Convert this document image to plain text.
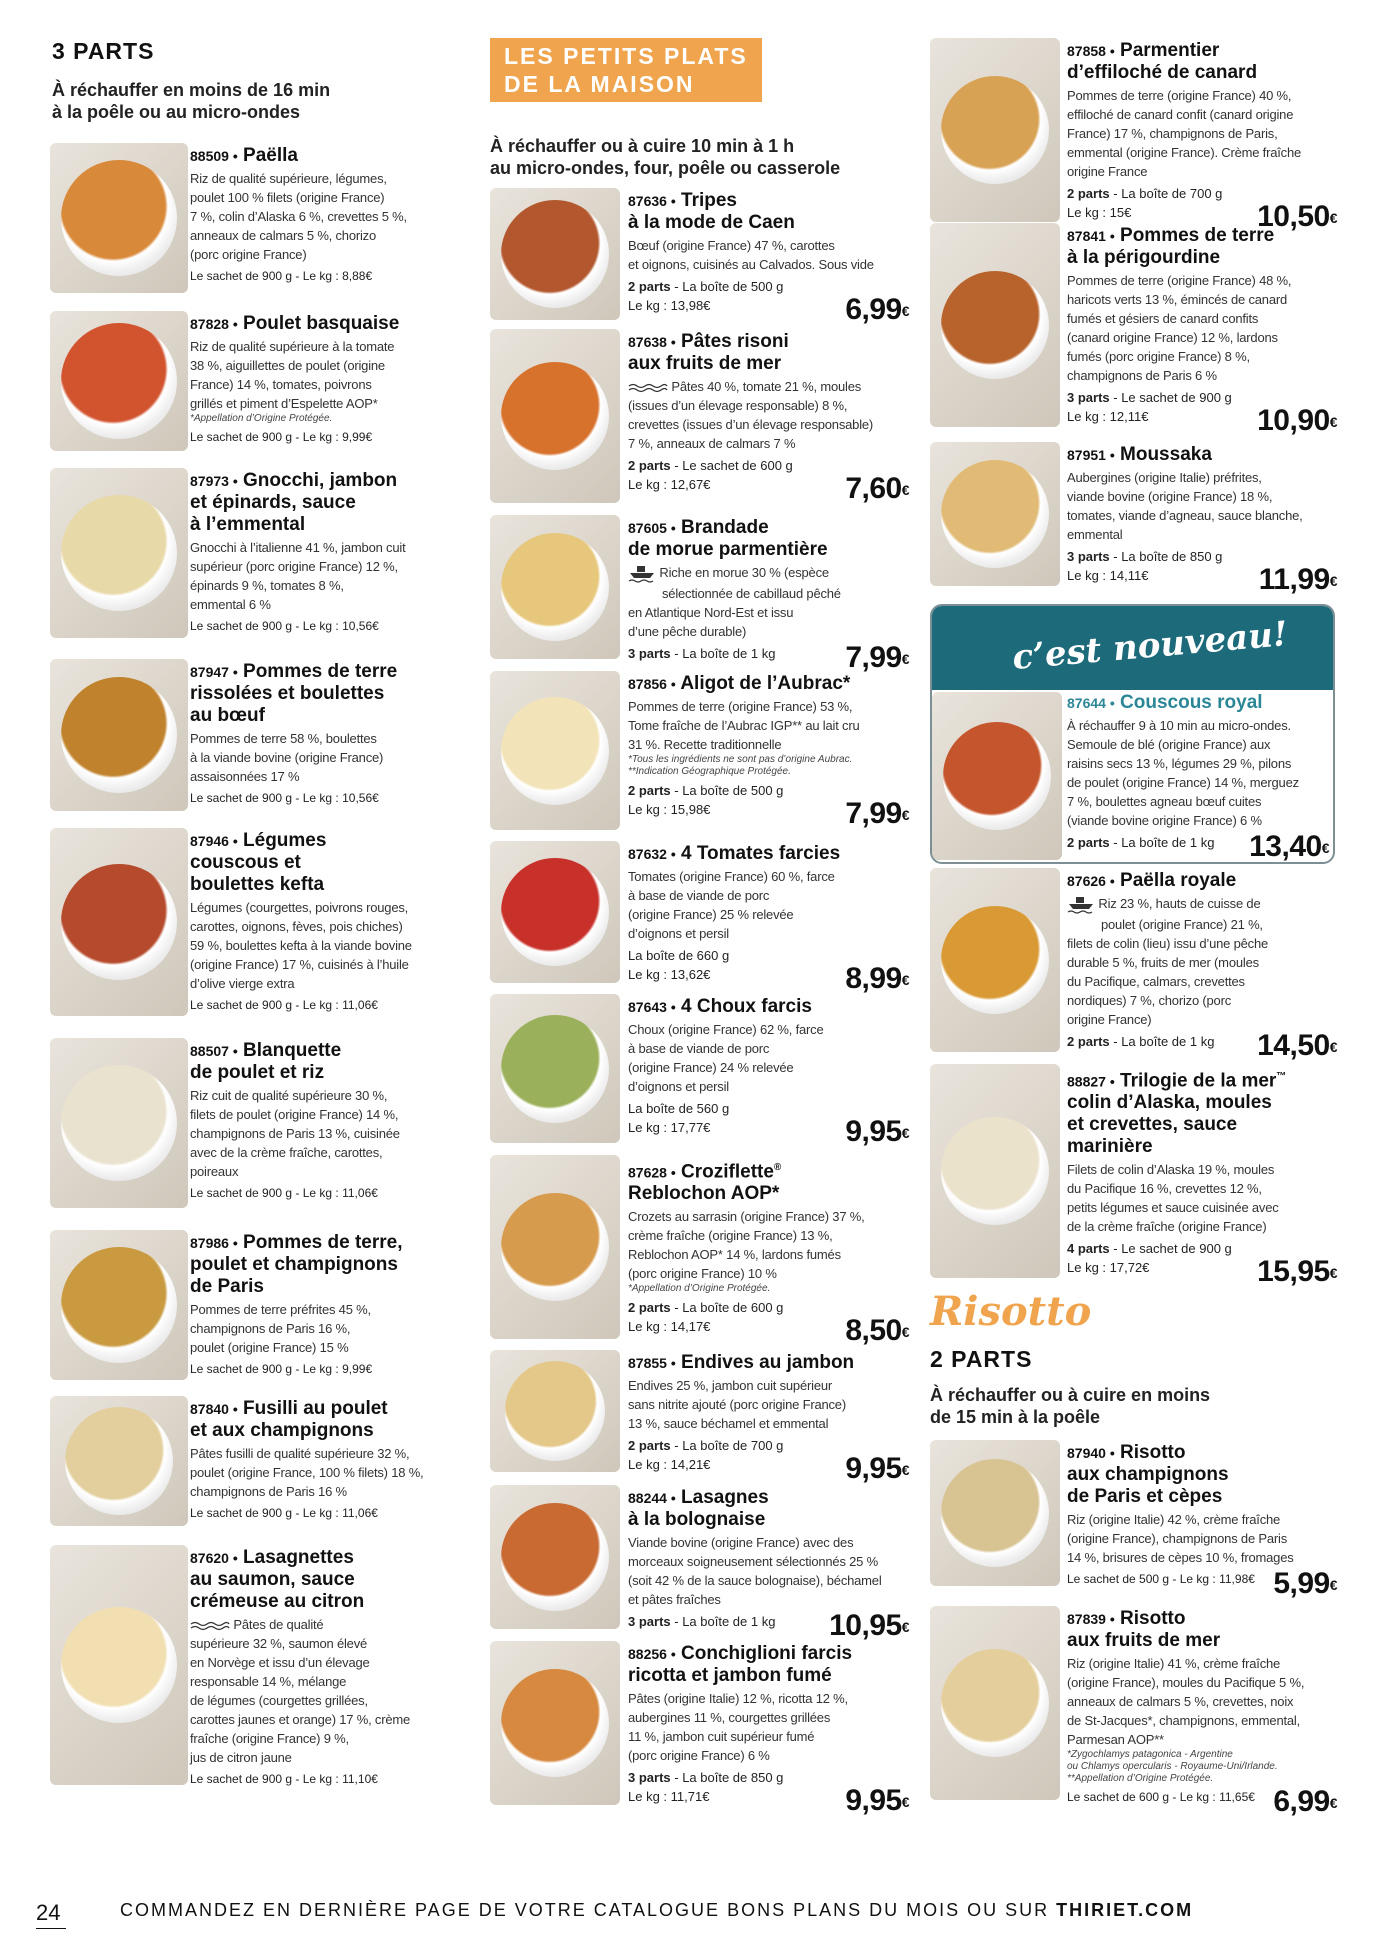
3 PARTS
À réchauffer en moins de 16 min
à la poêle ou au micro-ondes
88509 • Paëlla
Riz de qualité supérieure, légumes,
poulet 100 % filets (origine France)
7 %, colin d’Alaska 6 %, crevettes 5 %,
anneaux de calmars 5 %, chorizo
(porc origine France)
Le sachet de 900 g - Le kg : 8,88€
87828 • Poulet basquaise
Riz de qualité supérieure à la tomate
38 %, aiguillettes de poulet (origine
France) 14 %, tomates, poivrons
grillés et piment d’Espelette AOP*
*Appellation d’Origine Protégée.
Le sachet de 900 g - Le kg : 9,99€
87973 • Gnocchi, jambon
et épinards, sauce
à l’emmental
Gnocchi à l’italienne 41 %, jambon cuit
supérieur (porc origine France) 12 %,
épinards 9 %, tomates 8 %,
emmental 6 %
Le sachet de 900 g - Le kg : 10,56€
87947 • Pommes de terre
rissolées et boulettes
au bœuf
Pommes de terre 58 %, boulettes
à la viande bovine (origine France)
assaisonnées 17 %
Le sachet de 900 g - Le kg : 10,56€
87946 • Légumes
couscous et
boulettes kefta
Légumes (courgettes, poivrons rouges,
carottes, oignons, fèves, pois chiches)
59 %, boulettes kefta à la viande bovine
(origine France) 17 %, cuisinés à l’huile
d’olive vierge extra
Le sachet de 900 g - Le kg : 11,06€
88507 • Blanquette
de poulet et riz
Riz cuit de qualité supérieure 30 %,
filets de poulet (origine France) 14 %,
champignons de Paris 13 %, cuisinée
avec de la crème fraîche, carottes,
poireaux
Le sachet de 900 g - Le kg : 11,06€
87986 • Pommes de terre,
poulet et champignons
de Paris
Pommes de terre préfrites 45 %,
champignons de Paris 16 %,
poulet (origine France) 15 %
Le sachet de 900 g - Le kg : 9,99€
87840 • Fusilli au poulet
et aux champignons
Pâtes fusilli de qualité supérieure 32 %,
poulet (origine France, 100 % filets) 18 %,
champignons de Paris 16 %
Le sachet de 900 g - Le kg : 11,06€
87620 • Lasagnettes
au saumon, sauce
crémeuse au citron
Pâtes de qualité
supérieure 32 %, saumon élevé
en Norvège et issu d’un élevage
responsable 14 %, mélange
de légumes (courgettes grillées,
carottes jaunes et orange) 17 %, crème
fraîche (origine France) 9 %,
jus de citron jaune
Le sachet de 900 g - Le kg : 11,10€
LES PETITS PLATS
DE LA MAISON
À réchauffer ou à cuire 10 min à 1 h
au micro-ondes, four, poêle ou casserole
87636 • Tripes
à la mode de Caen
Bœuf (origine France) 47 %, carottes
et oignons, cuisinés au Calvados. Sous vide
2 parts - La boîte de 500 g
Le kg : 13,98€	6,99€
87638 • Pâtes risoni
aux fruits de mer
Pâtes 40 %, tomate 21 %, moules
(issues d’un élevage responsable) 8 %,
crevettes (issues d’un élevage responsable)
7 %, anneaux de calmars 7 %
2 parts - Le sachet de 600 g
Le kg : 12,67€	7,60€
87605 • Brandade
de morue parmentière
Riche en morue 30 % (espèce
sélectionnée de cabillaud pêché
en Atlantique Nord-Est et issu
d’une pêche durable)
3 parts - La boîte de 1 kg 7,99€
87856 • Aligot de l’Aubrac*
Pommes de terre (origine France) 53 %,
Tome fraîche de l’Aubrac IGP** au lait cru
31 %. Recette traditionnelle
*Tous les ingrédients ne sont pas d’origine Aubrac.
**Indication Géographique Protégée.
2 parts - La boîte de 500 g
Le kg : 15,98€	7,99€
87632 • 4 Tomates farcies
Tomates (origine France) 60 %, farce
à base de viande de porc
(origine France) 25 % relevée
d’oignons et persil
La boîte de 660 g
Le kg : 13,62€	8,99€
87643 • 4 Choux farcis
Choux (origine France) 62 %, farce
à base de viande de porc
(origine France) 24 % relevée
d’oignons et persil
La boîte de 560 g
Le kg : 17,77€	9,95€
87628 • Croziflette®
Reblochon AOP*
Crozets au sarrasin (origine France) 37 %,
crème fraîche (origine France) 13 %,
Reblochon AOP* 14 %, lardons fumés
(porc origine France) 10 %
*Appellation d’Origine Protégée.
2 parts - La boîte de 600 g
Le kg : 14,17€	8,50€
87855 • Endives au jambon
Endives 25 %, jambon cuit supérieur
sans nitrite ajouté (porc origine France)
13 %, sauce béchamel et emmental
2 parts - La boîte de 700 g
Le kg : 14,21€	9,95€
88244 • Lasagnes
à la bolognaise
Viande bovine (origine France) avec des
morceaux soigneusement sélectionnés 25 %
(soit 42 % de la sauce bolognaise), béchamel
et pâtes fraîches
3 parts - La boîte de 1 kg 10,95€
88256 • Conchiglioni farcis
ricotta et jambon fumé
Pâtes (origine Italie) 12 %, ricotta 12 %,
aubergines 11 %, courgettes grillées
11 %, jambon cuit supérieur fumé
(porc origine France) 6 %
3 parts - La boîte de 850 g
Le kg : 11,71€	9,95€
87858 • Parmentier
d’effiloché de canard
Pommes de terre (origine France) 40 %,
effiloché de canard confit (canard origine
France) 17 %, champignons de Paris,
emmental (origine France). Crème fraîche
origine France
2 parts - La boîte de 700 g
Le kg : 15€	10,50€
87841 • Pommes de terre
à la périgourdine
Pommes de terre (origine France) 48 %,
haricots verts 13 %, émincés de canard
fumés et gésiers de canard confits
(canard origine France) 12 %, lardons
fumés (porc origine France) 8 %,
champignons de Paris 6 %
3 parts - Le sachet de 900 g
Le kg : 12,11€	10,90€
87951 • Moussaka
Aubergines (origine Italie) préfrites,
viande bovine (origine France) 18 %,
tomates, viande d’agneau, sauce blanche,
emmental
3 parts - La boîte de 850 g
Le kg : 14,11€	11,99€
c’est nouveau!
87644 • Couscous royal
À réchauffer 9 à 10 min au micro-ondes.
Semoule de blé (origine France) aux
raisins secs 13 %, légumes 29 %, pilons
de poulet (origine France) 14 %, merguez
7 %, boulettes agneau bœuf cuites
(viande bovine origine France) 6 %
2 parts - La boîte de 1 kg 13,40€
87626 • Paëlla royale
Riz 23 %, hauts de cuisse de
poulet (origine France) 21 %,
filets de colin (lieu) issu d’une pêche
durable 5 %, fruits de mer (moules
du Pacifique, calmars, crevettes
nordiques) 7 %, chorizo (porc
origine France)
2 parts - La boîte de 1 kg 14,50€
88827 • Trilogie de la mer™
colin d’Alaska, moules
et crevettes, sauce
marinière
Filets de colin d’Alaska 19 %, moules
du Pacifique 16 %, crevettes 12 %,
petits légumes et sauce cuisinée avec
de la crème fraîche (origine France)
4 parts - Le sachet de 900 g
Le kg : 17,72€	15,95€
Risotto
2 PARTS
À réchauffer ou à cuire en moins
de 15 min à la poêle
87940 • Risotto
aux champignons
de Paris et cèpes
Riz (origine Italie) 42 %, crème fraîche
(origine France), champignons de Paris
14 %, brisures de cèpes 10 %, fromages
Le sachet de 500 g - Le kg : 11,98€ 5,99€
87839 • Risotto
aux fruits de mer
Riz (origine Italie) 41 %, crème fraîche
(origine France), moules du Pacifique 5 %,
anneaux de calmars 5 %, crevettes, noix
de St-Jacques*, champignons, emmental,
Parmesan AOP**
*Zygochlamys patagonica - Argentine
ou Chlamys opercularis - Royaume-Uni/Irlande.
**Appellation d’Origine Protégée.
Le sachet de 600 g - Le kg : 11,65€ 6,99€
24	COMMANDEZ EN DERNIÈRE PAGE DE VOTRE CATALOGUE BONS PLANS DU MOIS OU SUR THIRIET.COM
